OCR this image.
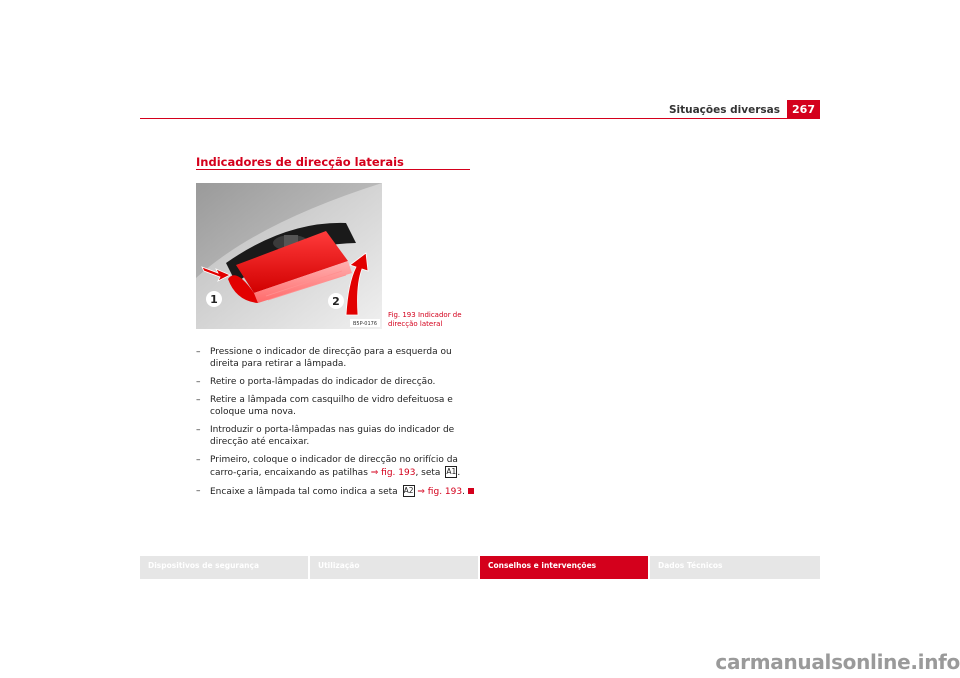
Situações diversas	267
Indicadores de direcção laterais
1	2
B5P-0176
Fig. 193 Indicador de
direcção lateral
– Pressione o indicador de direcção para a esquerda ou direita para retirar a lâmpada.
– Retire o porta-lâmpadas do indicador de direcção.
– Retire a lâmpada com casquilho de vidro defeituosa e coloque uma nova.
– Introduzir o porta-lâmpadas nas guias do indicador de direcção até encaixar.
– Primeiro, coloque o indicador de direcção no orifício da carro-çaria, encaixando as patilhas ⇒ fig. 193, seta A1.
– Encaixe a lâmpada tal como indica a seta A2 ⇒ fig. 193.
Dispositivos de segurança	Utilização	Conselhos e intervenções	Dados Técnicos
carmanualsonline.info
